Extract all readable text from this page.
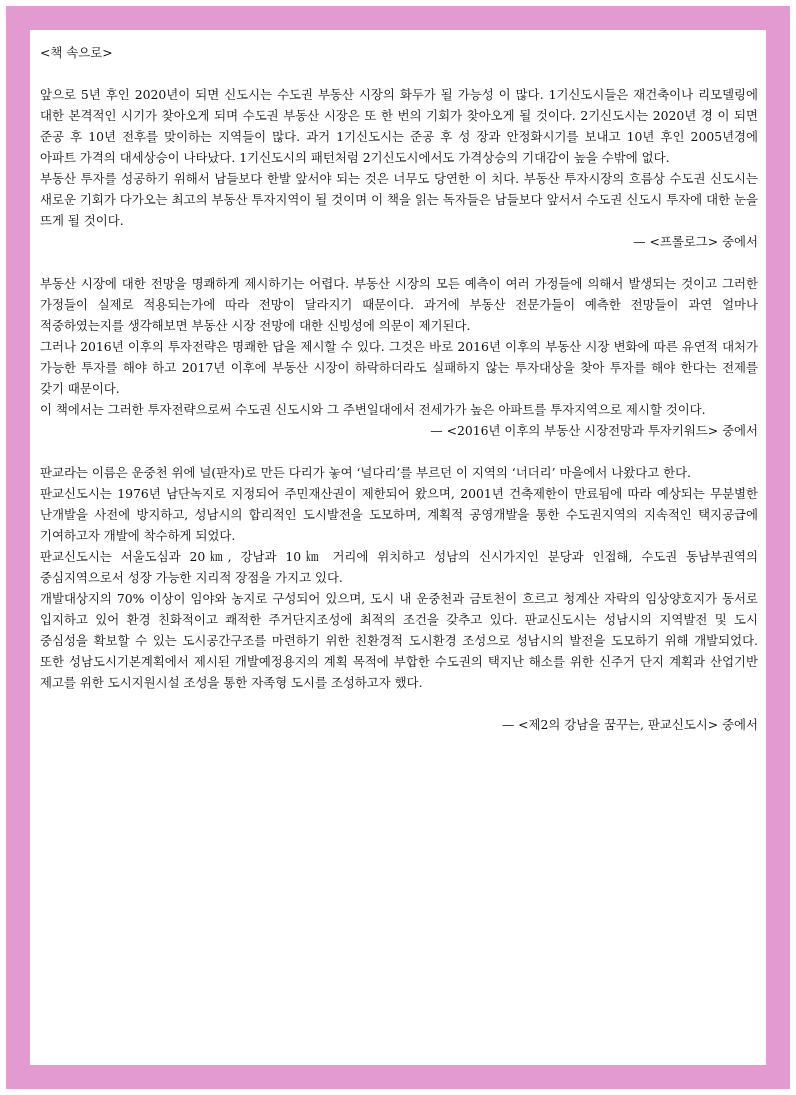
<책 속으로>

앞으로 5년 후인 2020년이 되면 신도시는 수도권 부동산 시장의 화두가 될 가능성 이 많다. 1기신도시들은 재건축이나 리모델링에 대한 본격적인 시기가 찾아오게 되며 수도권 부동산 시장은 또 한 번의 기회가 찾아오게 될 것이다. 2기신도시는 2020년 경 이 되면 준공 후 10년 전후를 맞이하는 지역들이 많다. 과거 1기신도시는 준공 후 성 장과 안정화시기를 보내고 10년 후인 2005년경에 아파트 가격의 대세상승이 나타났다. 1기신도시의 패턴처럼 2기신도시에서도 가격상승의 기대감이 높을 수밖에 없다.

부동산 투자를 성공하기 위해서 남들보다 한발 앞서야 되는 것은 너무도 당연한 이 치다. 부동산 투자시장의 흐름상 수도권 신도시는 새로운 기회가 다가오는 최고의 부동산 투자지역이 될 것이며 이 책을 읽는 독자들은 남들보다 앞서서 수도권 신도시 투자에 대한 눈을 뜨게 될 것이다.

— <프롤로그> 중에서

부동산 시장에 대한 전망을 명쾌하게 제시하기는 어렵다. 부동산 시장의 모든 예측이 여러 가정들에 의해서 발생되는 것이고 그러한 가정들이 실제로 적용되는가에 따라 전망이 달라지기 때문이다. 과거에 부동산 전문가들이 예측한 전망들이 과연 얼마나 적중하였는지를 생각해보면 부동산 시장 전망에 대한 신빙성에 의문이 제기된다.

그러나 2016년 이후의 투자전략은 명쾌한 답을 제시할 수 있다. 그것은 바로 2016년 이후의 부동산 시장 변화에 따른 유연적 대처가 가능한 투자를 해야 하고 2017년 이후에 부동산 시장이 하락하더라도 실패하지 않는 투자대상을 찾아 투자를 해야 한다는 전제를 갖기 때문이다.

이 책에서는 그러한 투자전략으로써 수도권 신도시와 그 주변일대에서 전세가가 높은 아파트를 투자지역으로 제시할 것이다.

— <2016년 이후의 부동산 시장전망과 투자키워드> 중에서

판교라는 이름은 운중천 위에 널(판자)로 만든 다리가 놓여 ‘널다리’를 부르던 이 지역의 ‘너더리’ 마을에서 나왔다고 한다.

판교신도시는 1976년 남단녹지로 지정되어 주민재산권이 제한되어 왔으며, 2001년 건축제한이 만료됨에 따라 예상되는 무분별한 난개발을 사전에 방지하고, 성남시의 합리적인 도시발전을 도모하며, 계획적 공영개발을 통한 수도권지역의 지속적인 택지공급에 기여하고자 개발에 착수하게 되었다.

판교신도시는 서울도심과 20㎞, 강남과 10㎞ 거리에 위치하고 성남의 신시가지인 분당과 인접해, 수도권 동남부권역의 중심지역으로서 성장 가능한 지리적 장점을 가지고 있다.

개발대상지의 70% 이상이 임야와 농지로 구성되어 있으며, 도시 내 운중천과 금토천이 흐르고 청계산 자락의 임상양호지가 동서로 입지하고 있어 환경 친화적이고 쾌적한 주거단지조성에 최적의 조건을 갖추고 있다. 판교신도시는 성남시의 지역발전 및 도시 중심성을 확보할 수 있는 도시공간구조를 마련하기 위한 친환경적 도시환경 조성으로 성남시의 발전을 도모하기 위해 개발되었다. 또한 성남도시기본계획에서 제시된 개발예정용지의 계획 목적에 부합한 수도권의 택지난 해소를 위한 신주거 단지 계획과 산업기반 제고를 위한 도시지원시설 조성을 통한 자족형 도시를 조성하고자 했다.

— <제2의 강남을 꿈꾸는, 판교신도시> 중에서
